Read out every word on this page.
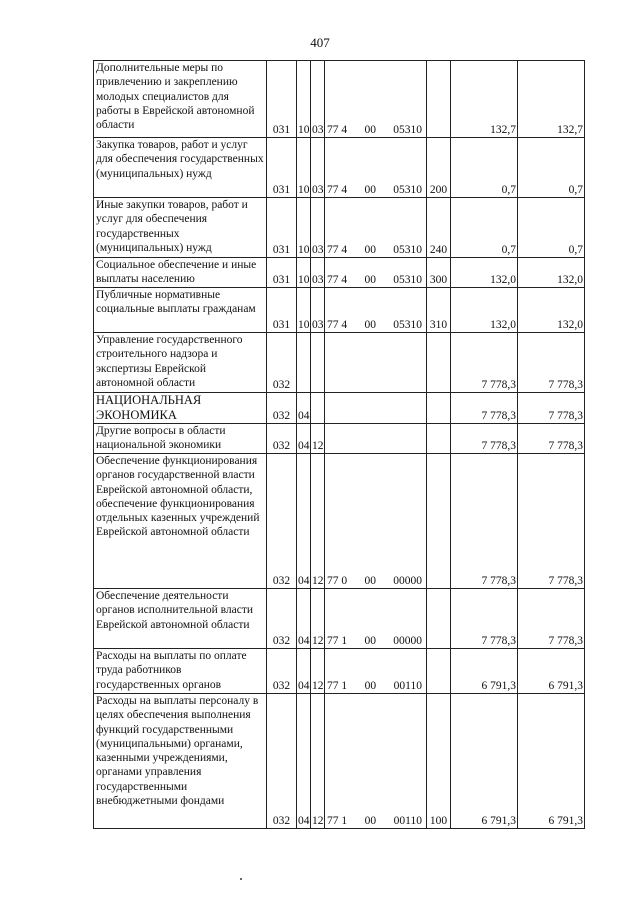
407
Дополнительные меры по привлечению и закреплению молодых специалистов для работы в Еврейской автономной области	031	10	03	77 4 00 05310		132,7	132,7
Закупка товаров, работ и услуг для обеспечения государственных (муниципальных) нужд	031	10	03	77 4 00 05310	200	0,7	0,7
Иные закупки товаров, работ и услуг для обеспечения государственных (муниципальных) нужд	031	10	03	77 4 00 05310	240	0,7	0,7
Социальное обеспечение и иные выплаты населению	031	10	03	77 4 00 05310	300	132,0	132,0
Публичные нормативные социальные выплаты гражданам	031	10	03	77 4 00 05310	310	132,0	132,0
Управление государственного строительного надзора и экспертизы Еврейской автономной области	032					7 778,3	7 778,3
НАЦИОНАЛЬНАЯ ЭКОНОМИКА	032	04				7 778,3	7 778,3
Другие вопросы в области национальной экономики	032	04	12			7 778,3	7 778,3
Обеспечение функционирования органов государственной власти Еврейской автономной области, обеспечение функционирования отдельных казенных учреждений Еврейской автономной области	032	04	12	77 0 00 00000		7 778,3	7 778,3
Обеспечение деятельности органов исполнительной власти Еврейской автономной области	032	04	12	77 1 00 00000		7 778,3	7 778,3
Расходы на выплаты по оплате труда работников государственных органов	032	04	12	77 1 00 00110		6 791,3	6 791,3
Расходы на выплаты персоналу в целях обеспечения выполнения функций государственными (муниципальными) органами, казенными учреждениями, органами управления государственными внебюджетными фондами	032	04	12	77 1 00 00110	100	6 791,3	6 791,3
